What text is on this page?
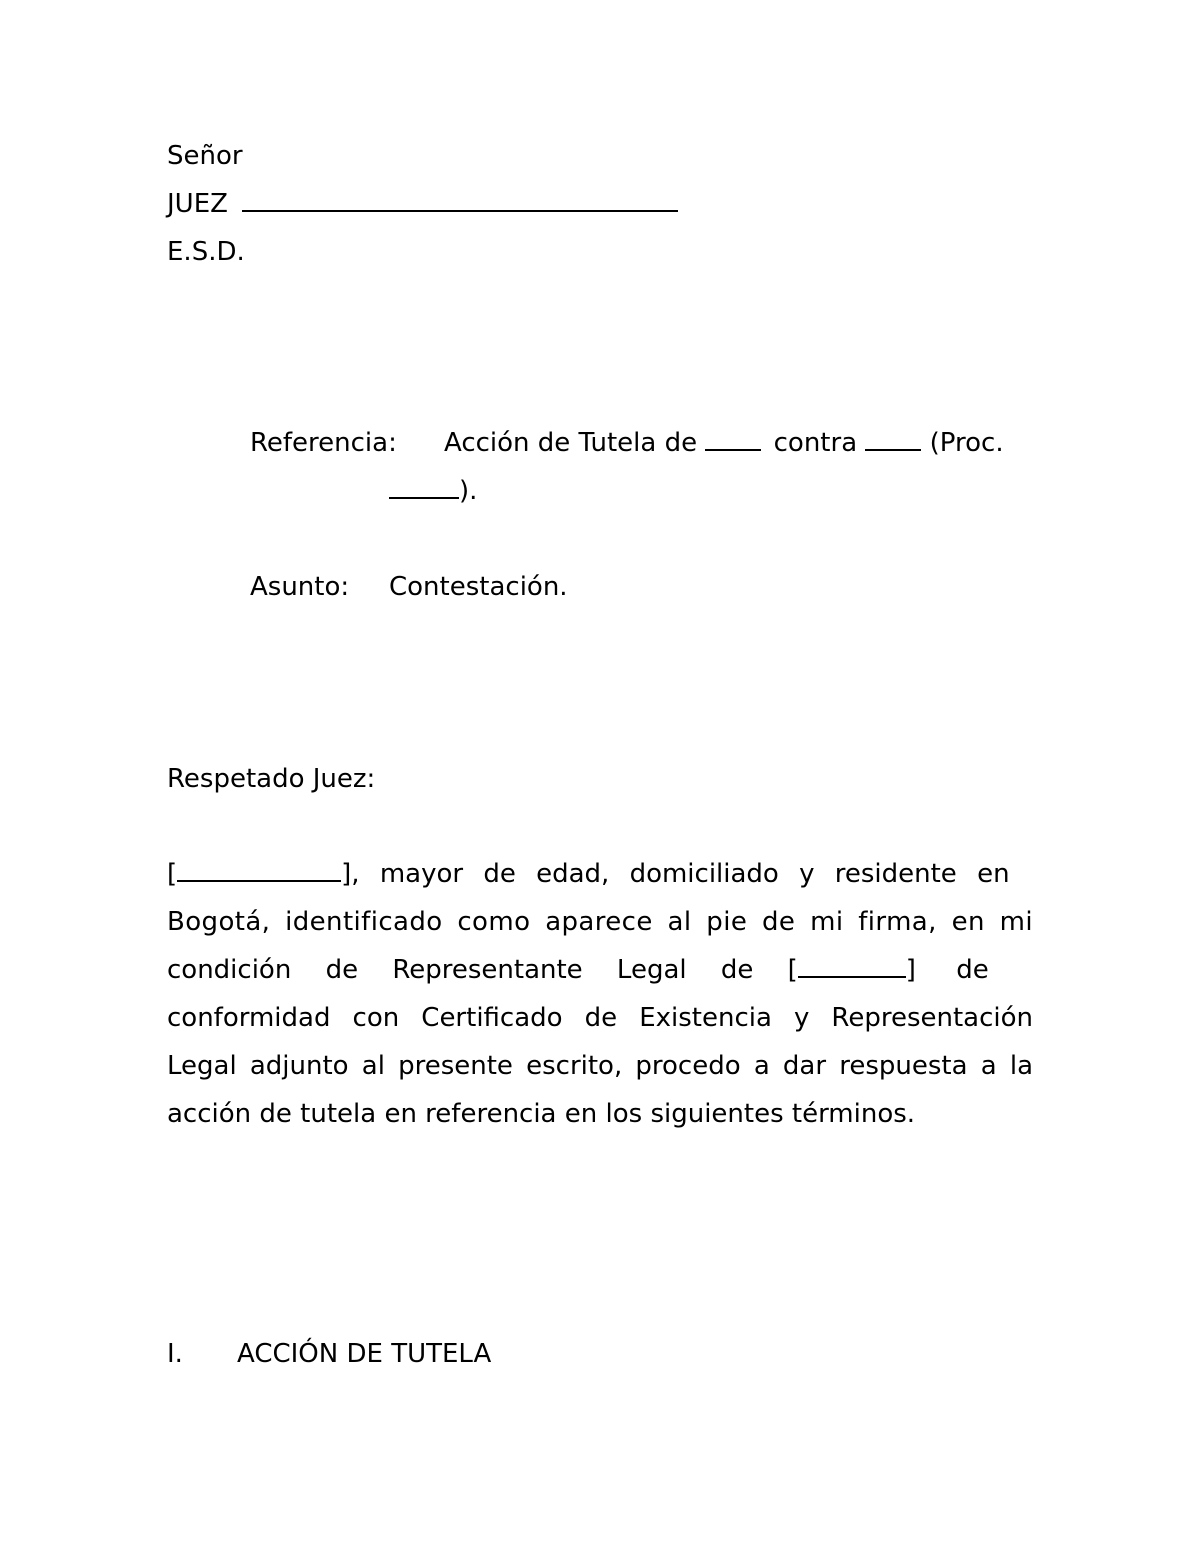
Señor
JUEZ
E.S.D.
Referencia: Acción de Tutela de	contra	(Proc.
).
Asunto: Contestación.
Respetado Juez:
[	], mayor de edad, domiciliado y residente en
Bogotá, identificado como aparece al pie de mi firma, en mi
condición de Representante Legal de [	] de
conformidad con Certificado de Existencia y Representación
Legal adjunto al presente escrito, procedo a dar respuesta a la
acción de tutela en referencia en los siguientes términos.
I. ACCIÓN DE TUTELA
